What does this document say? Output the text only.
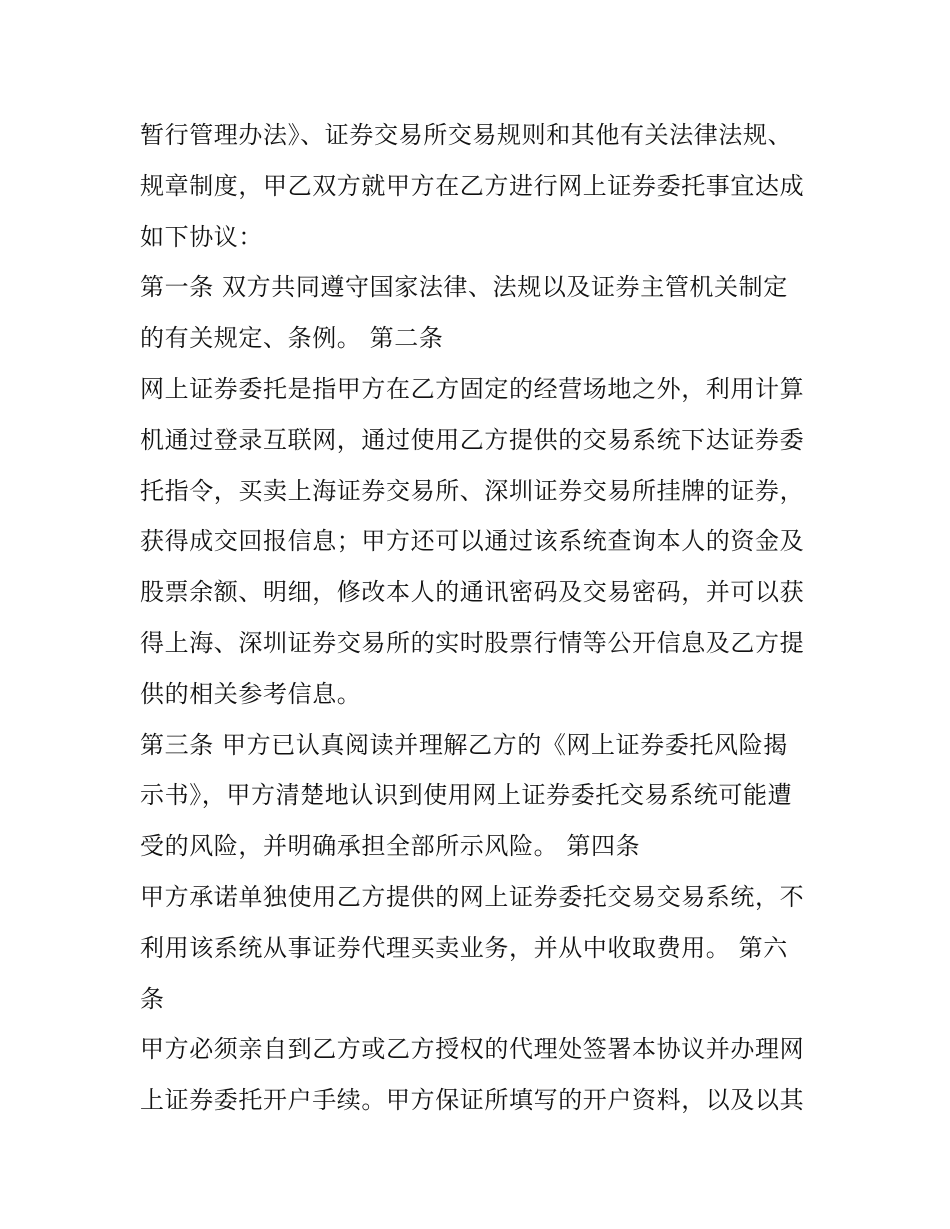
暂行管理办法》、证券交易所交易规则和其他有关法律法规、
规章制度，甲乙双方就甲方在乙方进行网上证券委托事宜达成
如下协议：
第一条 双方共同遵守国家法律、法规以及证券主管机关制定
的有关规定、条例。 第二条
网上证券委托是指甲方在乙方固定的经营场地之外，利用计算
机通过登录互联网，通过使用乙方提供的交易系统下达证券委
托指令，买卖上海证券交易所、深圳证券交易所挂牌的证券，
获得成交回报信息；甲方还可以通过该系统查询本人的资金及
股票余额、明细，修改本人的通讯密码及交易密码，并可以获
得上海、深圳证券交易所的实时股票行情等公开信息及乙方提
供的相关参考信息。
第三条 甲方已认真阅读并理解乙方的《网上证券委托风险揭
示书》，甲方清楚地认识到使用网上证券委托交易系统可能遭
受的风险，并明确承担全部所示风险。 第四条
甲方承诺单独使用乙方提供的网上证券委托交易交易系统，不
利用该系统从事证券代理买卖业务，并从中收取费用。 第六
条
甲方必须亲自到乙方或乙方授权的代理处签署本协议并办理网
上证券委托开户手续。甲方保证所填写的开户资料，以及以其
